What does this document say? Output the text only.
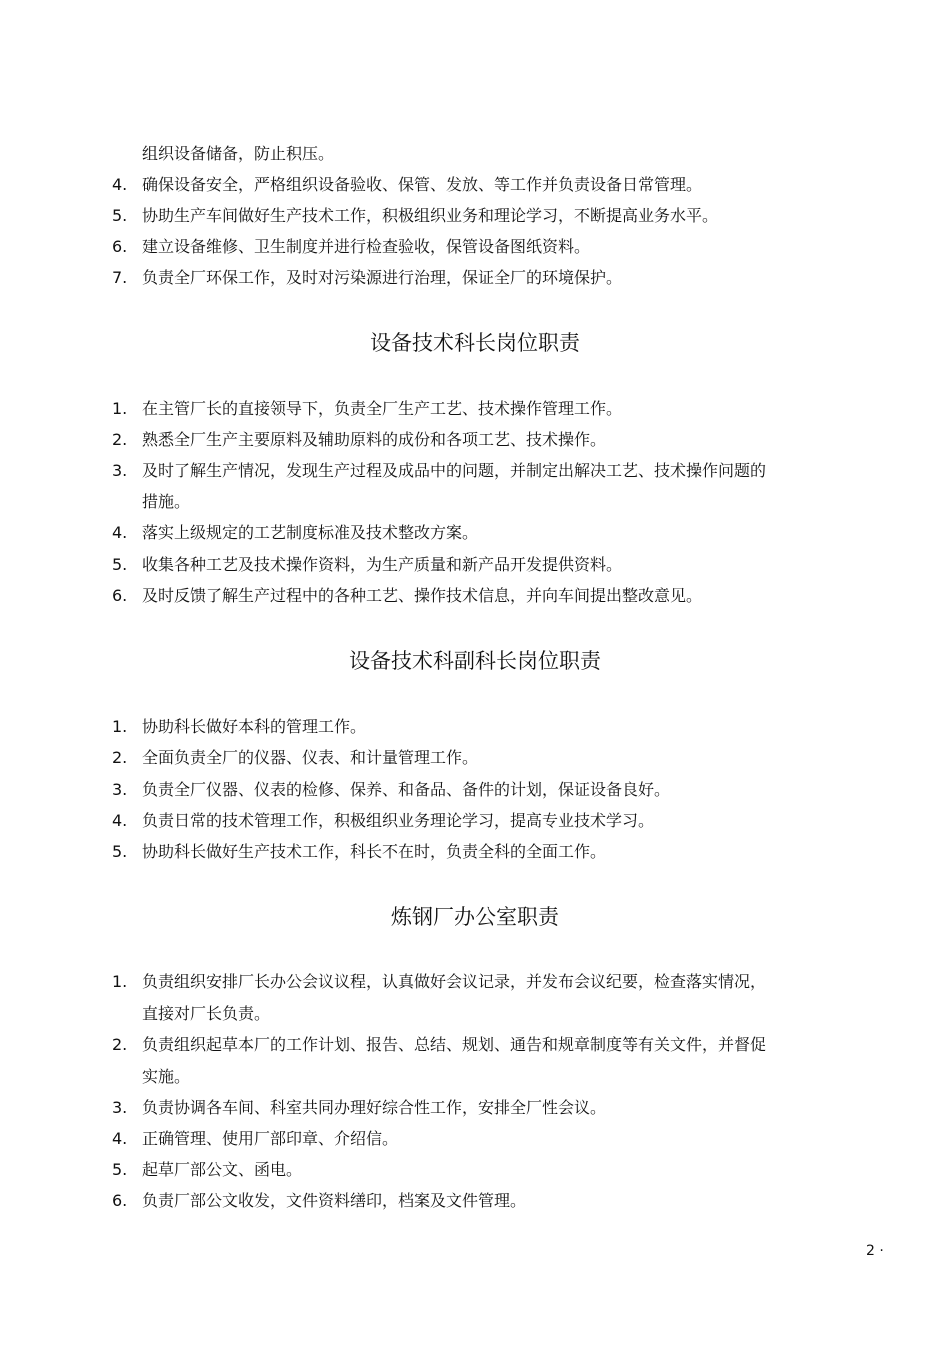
组织设备储备，防止积压。
4. 确保设备安全，严格组织设备验收、保管、发放、等工作并负责设备日常管理。
5. 协助生产车间做好生产技术工作，积极组织业务和理论学习，不断提高业务水平。
6. 建立设备维修、卫生制度并进行检查验收，保管设备图纸资料。
7. 负责全厂环保工作，及时对污染源进行治理，保证全厂的环境保护。
设备技术科长岗位职责
1. 在主管厂长的直接领导下，负责全厂生产工艺、技术操作管理工作。
2. 熟悉全厂生产主要原料及辅助原料的成份和各项工艺、技术操作。
3. 及时了解生产情况，发现生产过程及成品中的问题，并制定出解决工艺、技术操作问题的
措施。
4. 落实上级规定的工艺制度标准及技术整改方案。
5. 收集各种工艺及技术操作资料，为生产质量和新产品开发提供资料。
6. 及时反馈了解生产过程中的各种工艺、操作技术信息，并向车间提出整改意见。
设备技术科副科长岗位职责
1. 协助科长做好本科的管理工作。
2. 全面负责全厂的仪器、仪表、和计量管理工作。
3. 负责全厂仪器、仪表的检修、保养、和备品、备件的计划，保证设备良好。
4. 负责日常的技术管理工作，积极组织业务理论学习，提高专业技术学习。
5. 协助科长做好生产技术工作，科长不在时，负责全科的全面工作。
炼钢厂办公室职责
1. 负责组织安排厂长办公会议议程，认真做好会议记录，并发布会议纪要，检查落实情况，
直接对厂长负责。
2. 负责组织起草本厂的工作计划、报告、总结、规划、通告和规章制度等有关文件，并督促
实施。
3. 负责协调各车间、科室共同办理好综合性工作，安排全厂性会议。
4. 正确管理、使用厂部印章、介绍信。
5. 起草厂部公文、函电。
6. 负责厂部公文收发，文件资料缮印，档案及文件管理。
2 ·
